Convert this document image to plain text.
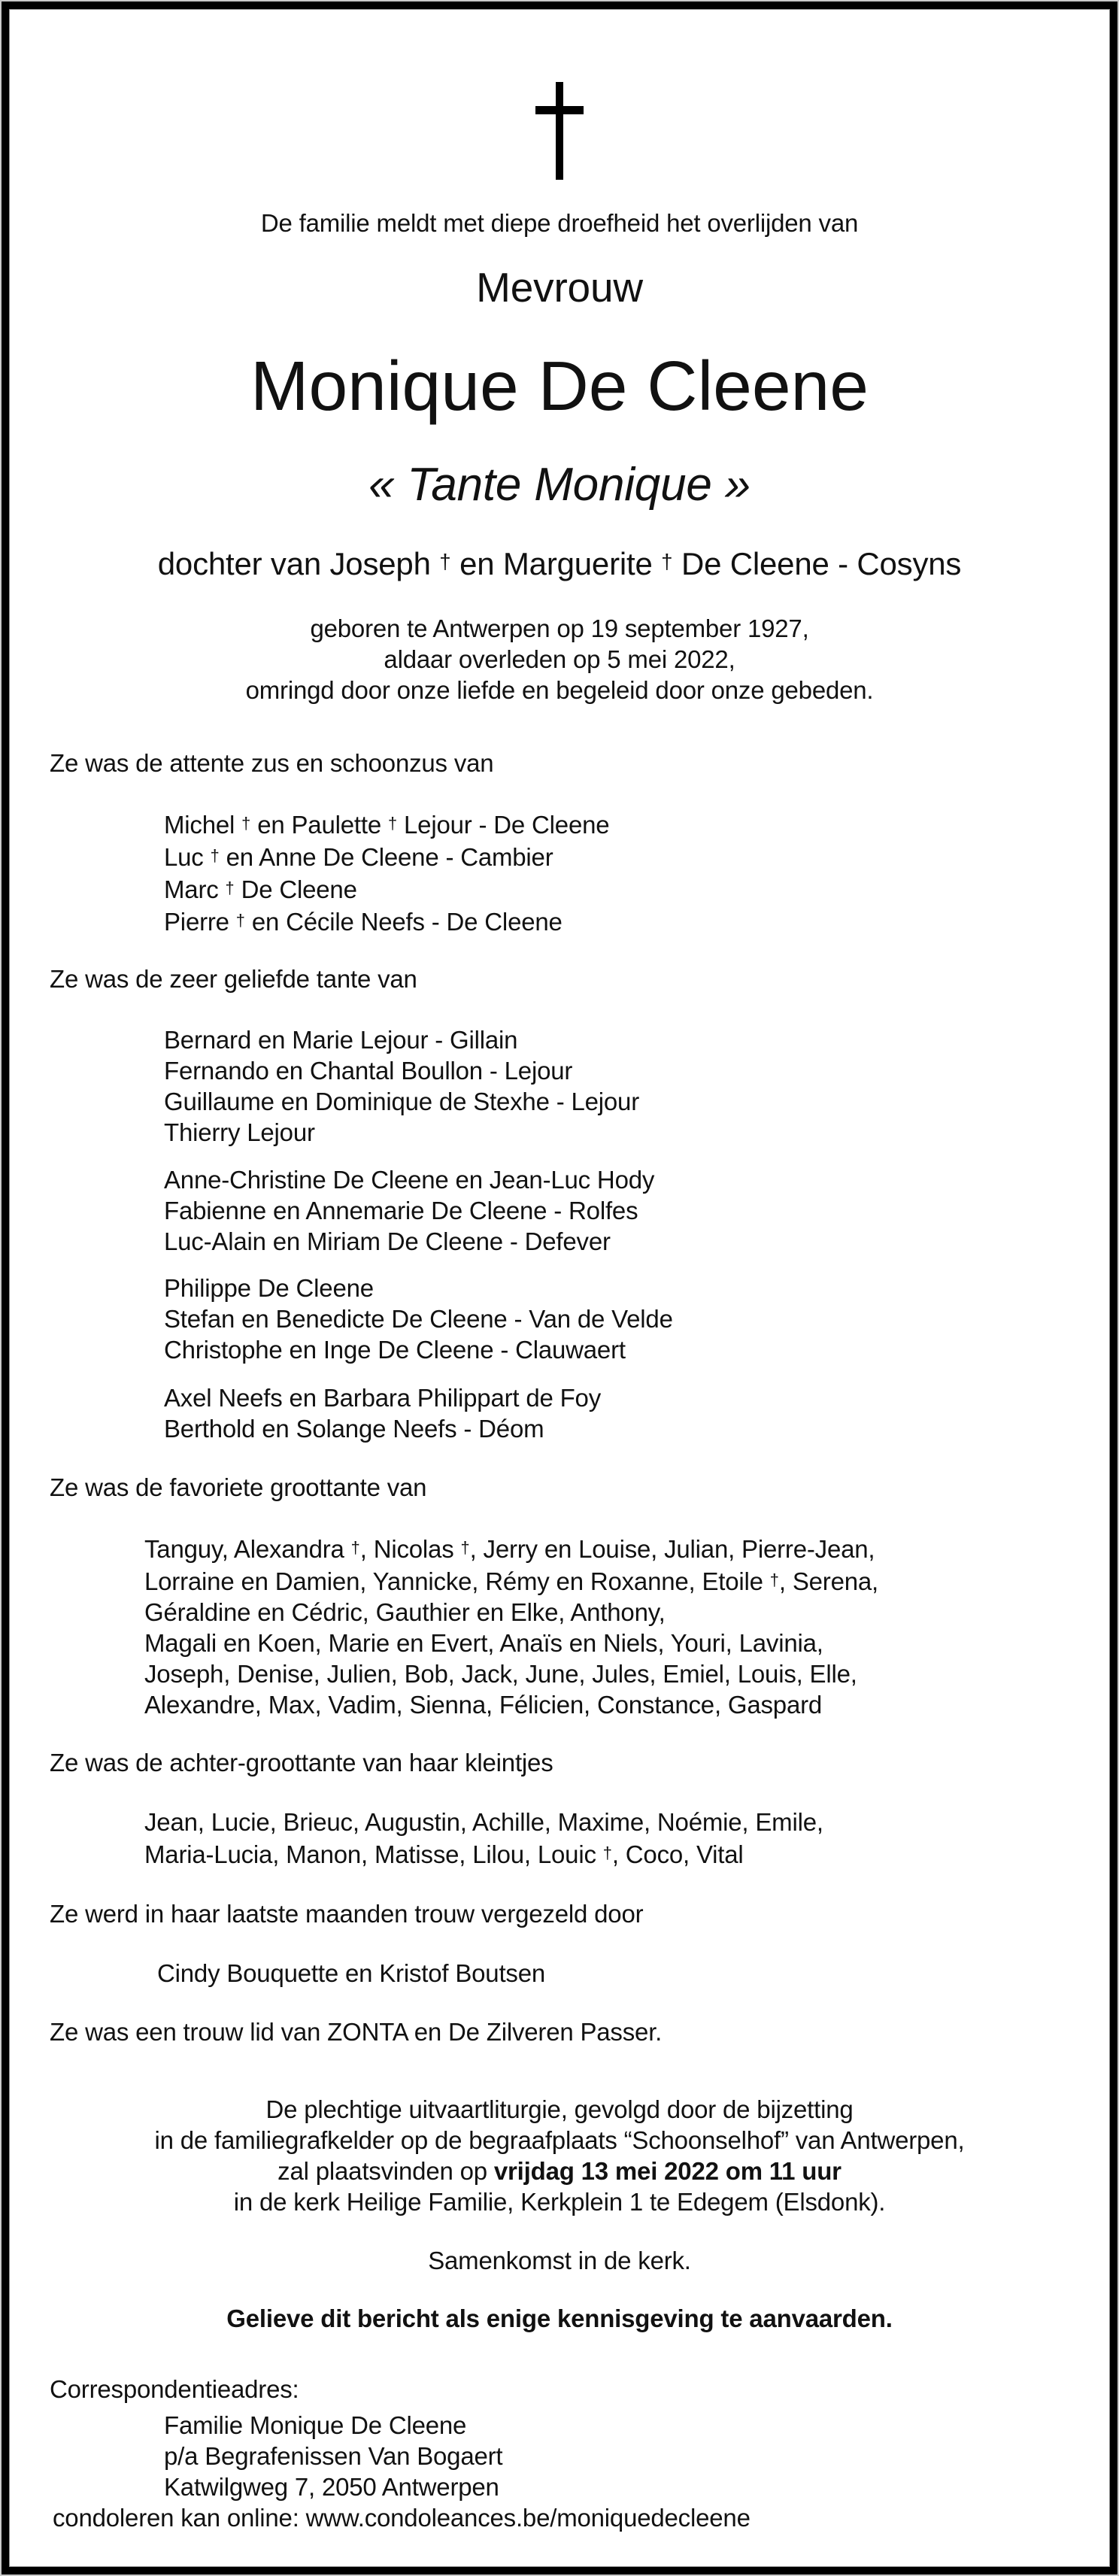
De familie meldt met diepe droefheid het overlijden van
Mevrouw
Monique De Cleene
« Tante Monique »
dochter van Joseph † en Marguerite † De Cleene - Cosyns
geboren te Antwerpen op 19 september 1927,
aldaar overleden op 5 mei 2022,
omringd door onze liefde en begeleid door onze gebeden.
Ze was de attente zus en schoonzus van
Michel † en Paulette † Lejour - De Cleene
Luc † en Anne De Cleene - Cambier
Marc † De Cleene
Pierre † en Cécile Neefs - De Cleene
Ze was de zeer geliefde tante van
Bernard en Marie Lejour - Gillain
Fernando en Chantal Boullon - Lejour
Guillaume en Dominique de Stexhe - Lejour
Thierry Lejour
Anne-Christine De Cleene en Jean-Luc Hody
Fabienne en Annemarie De Cleene - Rolfes
Luc-Alain en Miriam De Cleene - Defever
Philippe De Cleene
Stefan en Benedicte De Cleene - Van de Velde
Christophe en Inge De Cleene - Clauwaert
Axel Neefs en Barbara Philippart de Foy
Berthold en Solange Neefs - Déom
Ze was de favoriete groottante van
Tanguy, Alexandra †, Nicolas †, Jerry en Louise, Julian, Pierre-Jean,
Lorraine en Damien, Yannicke, Rémy en Roxanne, Etoile †, Serena,
Géraldine en Cédric, Gauthier en Elke, Anthony,
Magali en Koen, Marie en Evert, Anaïs en Niels, Youri, Lavinia,
Joseph, Denise, Julien, Bob, Jack, June, Jules, Emiel, Louis, Elle,
Alexandre, Max, Vadim, Sienna, Félicien, Constance, Gaspard
Ze was de achter-groottante van haar kleintjes
Jean, Lucie, Brieuc, Augustin, Achille, Maxime, Noémie, Emile,
Maria-Lucia, Manon, Matisse, Lilou, Louic †, Coco, Vital
Ze werd in haar laatste maanden trouw vergezeld door
Cindy Bouquette en Kristof Boutsen
Ze was een trouw lid van ZONTA en De Zilveren Passer.
De plechtige uitvaartliturgie, gevolgd door de bijzetting
in de familiegrafkelder op de begraafplaats “Schoonselhof” van Antwerpen,
zal plaatsvinden op vrijdag 13 mei 2022 om 11 uur
in de kerk Heilige Familie, Kerkplein 1 te Edegem (Elsdonk).
Samenkomst in de kerk.
Gelieve dit bericht als enige kennisgeving te aanvaarden.
Correspondentieadres:
Familie Monique De Cleene
p/a Begrafenissen Van Bogaert
Katwilgweg 7, 2050 Antwerpen
condoleren kan online: www.condoleances.be/moniquedecleene
